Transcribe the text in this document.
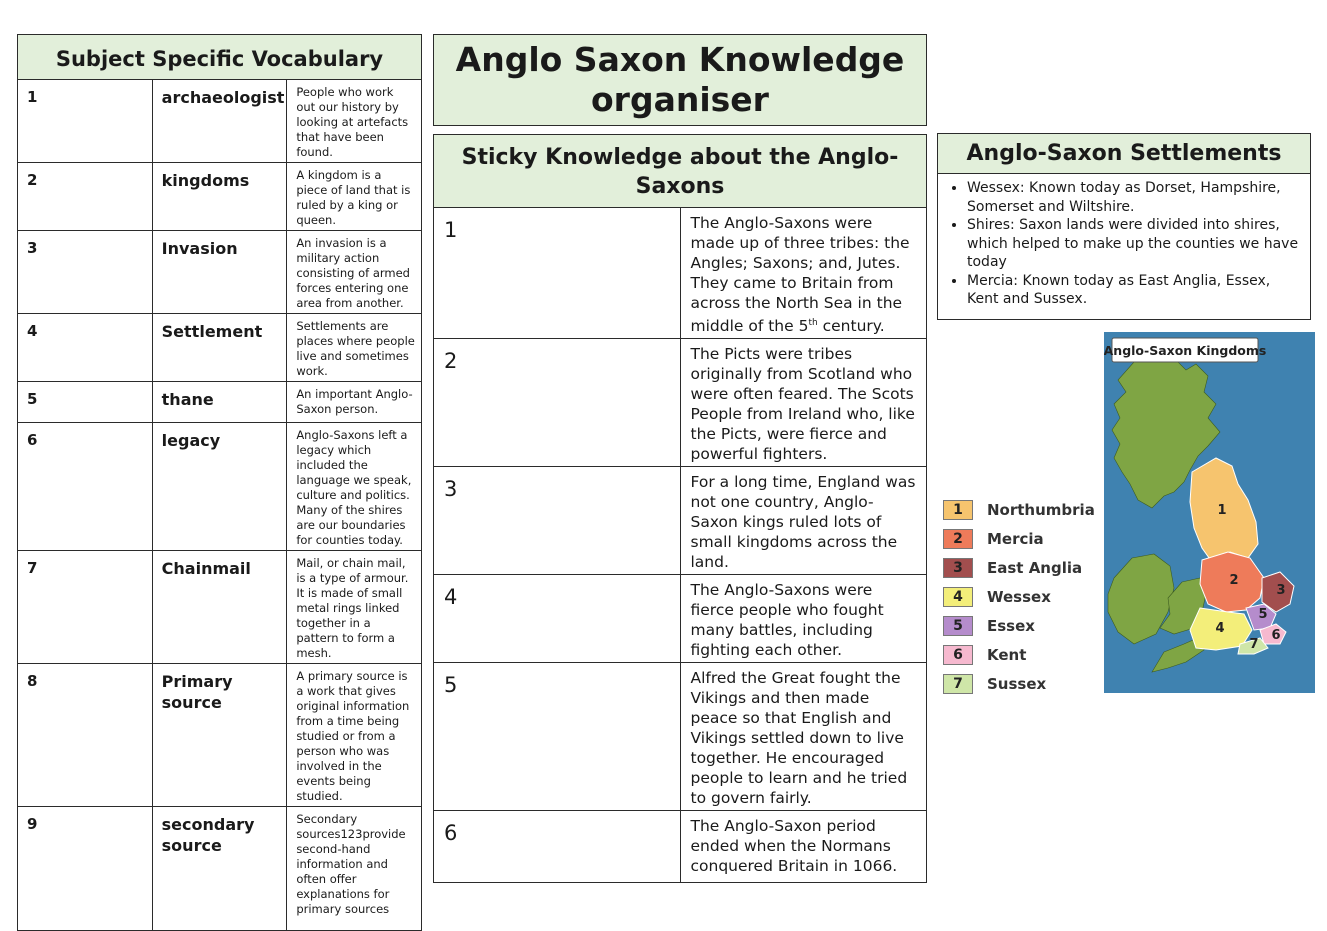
Subject Specific Vocabulary		
1	archaeologist	People who work out our history by looking at artefacts that have been found.
2	kingdoms	A kingdom is a piece of land that is ruled by a king or queen.
3	Invasion	An invasion is a military action consisting of armed forces entering one area from another.
4	Settlement	Settlements are places where people live and sometimes work.
5	thane	An important Anglo-Saxon person.
6	legacy	Anglo-Saxons left a legacy which included the language we speak, culture and politics. Many of the shires are our boundaries for counties today.
7	Chainmail	Mail, or chain mail, is a type of armour. It is made of small metal rings linked together in a pattern to form a mesh.
8	Primary source	A primary source is a work that gives original information from a time being studied or from a person who was involved in the events being studied.
9	secondary source	Secondary sources123provide second-hand information and often offer explanations for primary sources
Anglo Saxon Knowledge organiser
Sticky Knowledge about the Anglo-Saxons	
1	The Anglo-Saxons were made up of three tribes: the Angles; Saxons; and, Jutes. They came to Britain from across the North Sea in the middle of the 5th century.
2	The Picts were tribes originally from Scotland who were often feared. The Scots People from Ireland who, like the Picts, were fierce and powerful fighters.
3	For a long time, England was not one country, Anglo-Saxon kings ruled lots of small kingdoms across the land.
4	The Anglo-Saxons were fierce people who fought many battles, including fighting each other.
5	Alfred the Great fought the Vikings and then made peace so that English and Vikings settled down to live together. He encouraged people to learn and he tried to govern fairly.
6	The Anglo-Saxon period ended when the Normans conquered Britain in 1066.
Anglo-Saxon Settlements
• Wessex: Known today as Dorset, Hampshire, Somerset and Wiltshire.
• Shires: Saxon lands were divided into shires, which helped to make up the counties we have today
• Mercia: Known today as East Anglia, Essex, Kent and Sussex.
1	Northumbria
2	Mercia
3	East Anglia
4	Wessex
5	Essex
6	Kent
7	Sussex
1
2
3
4
5
6
7
Anglo-Saxon Kingdoms
